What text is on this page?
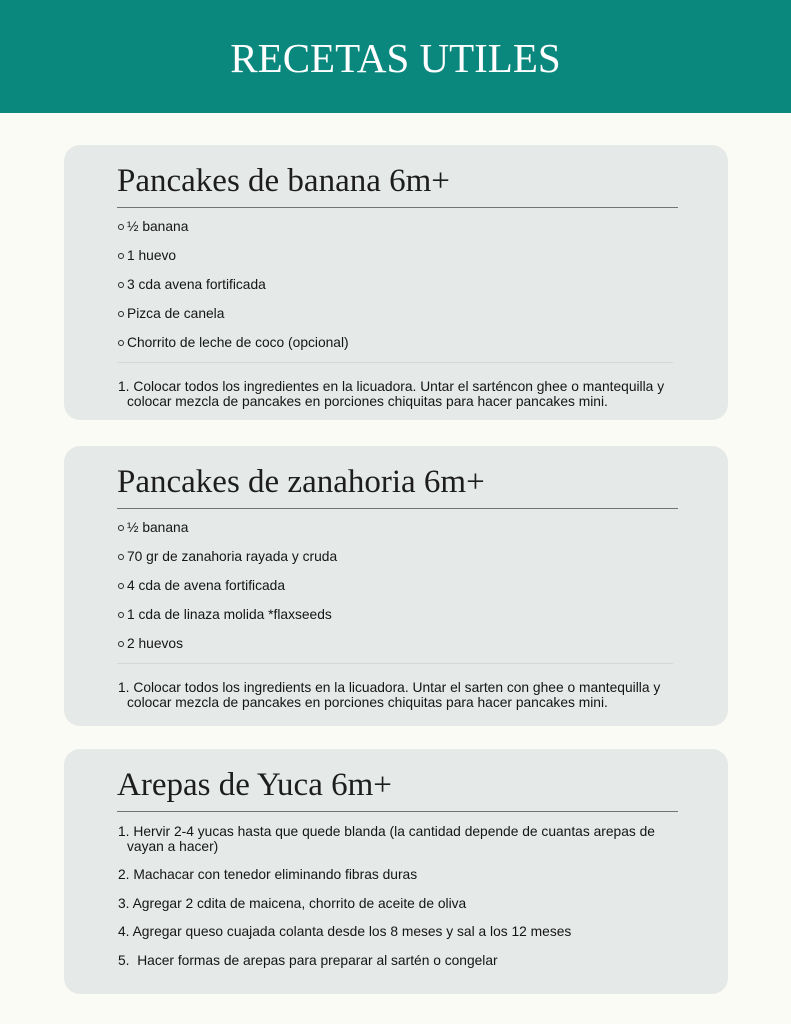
RECETAS UTILES
Pancakes de banana 6m+
½ banana
1 huevo
3 cda avena fortificada
Pizca de canela
Chorrito de leche de coco (opcional)

1. Colocar todos los ingredientes en la licuadora. Untar el sarténcon ghee o mantequilla y colocar mezcla de pancakes en porciones chiquitas para hacer pancakes mini.

Pancakes de zanahoria 6m+
½ banana
70 gr de zanahoria rayada y cruda
4 cda de avena fortificada
1 cda de linaza molida *flaxseeds
2 huevos

1. Colocar todos los ingredients en la licuadora. Untar el sarten con ghee o mantequilla y colocar mezcla de pancakes en porciones chiquitas para hacer pancakes mini.

Arepas de Yuca 6m+

1. Hervir 2-4 yucas hasta que quede blanda (la cantidad depende de cuantas arepas de vayan a hacer)

2. Machacar con tenedor eliminando fibras duras

3. Agregar 2 cdita de maicena, chorrito de aceite de oliva

4. Agregar queso cuajada colanta desde los 8 meses y sal a los 12 meses

5.  Hacer formas de arepas para preparar al sartén o congelar
